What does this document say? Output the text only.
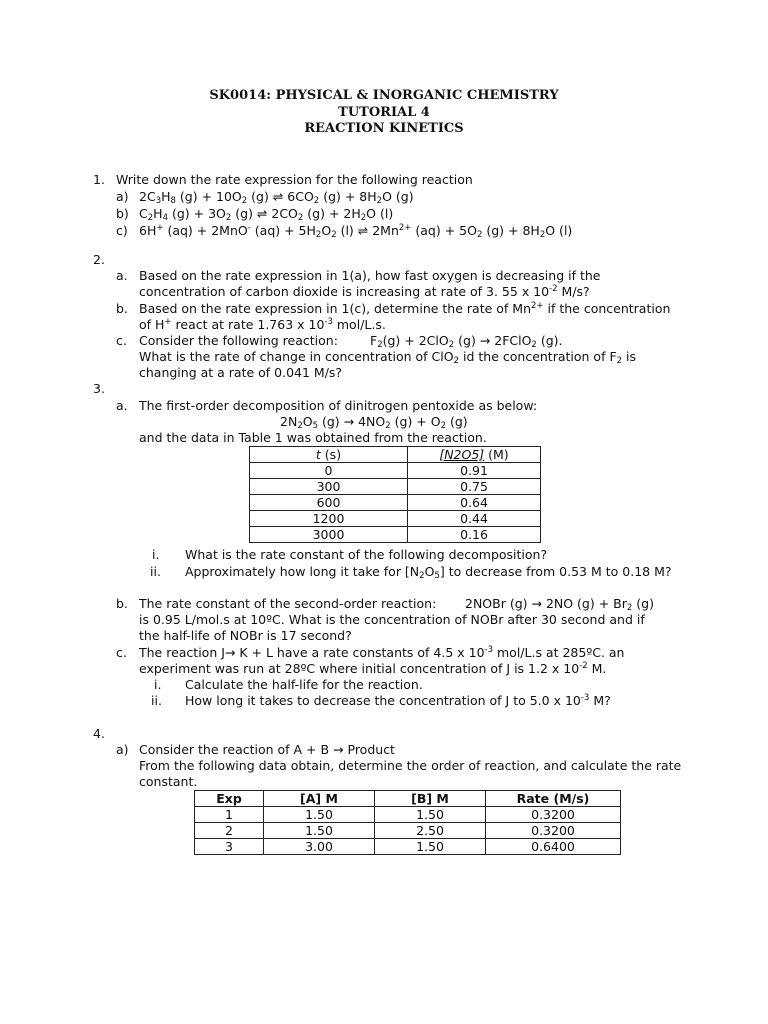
SK0014: PHYSICAL & INORGANIC CHEMISTRY
TUTORIAL 4
REACTION KINETICS
1. Write down the rate expression for the following reaction
a) $2C_3H_8$ $(g) + 10O_2$ (g) ⇌ $6CO_2$ $(g) + 8H_2O$ (g)
b) $C_2H_4$ $(g) + 3O_2$ (g) ⇌ $2CO_2$ $(g) + 2H_2O$ (l)
c) 6H+ (aq) + 2MnO- $(aq) + 5H_2O_2$ (l) ⇌ $2Mn^{2+}$ $(aq) + 5O_2$ $(g) + 8H_2O$ (l)
2.
a. Based on the rate expression in 1(a), how fast oxygen is decreasing if the
concentration of carbon dioxide is increasing at rate of 3. 55 x $10^{-2}$ M/s?
b. Based on the rate expression in 1(c), determine the rate of $Mn^{2+}$ if the concentration
of H+ react at rate 1.763 x $10^{-3}$ mol/L.s.
c. Consider the following reaction:	$F_2(g) + 2ClO_2$ (g) → 2FClO$_2$ (g).
What is the rate of change in concentration of ClO$_2$ id the concentration of $F_2$ is
changing at a rate of 0.041 M/s?
3.
a. The first-order decomposition of dinitrogen pentoxide as below:
$2N_2O_5$ $(g) \to 4NO_2$ $(g) + O_2$ (g)
and the data in Table 1 was obtained from the reaction.
t (s)	[N2O5] (M)
0	0.91
300	0.75
600	0.64
1200	0.44
3000	0.16
i. What is the rate constant of the following decomposition?
ii. Approximately how long it take for $[N_2O_5]$ to decrease from 0.53 M to 0.18 M?
b. The rate constant of the second-order reaction: 2NOBr (g) → 2NO $(g) + Br_2$ (g)
is 0.95 L/mol.s at 10ºC. What is the concentration of NOBr after 30 second and if
the half-life of NOBr is 17 second?
c. The reaction J→ K + L have a rate constants of 4.5 x $10^{-3}$ mol/L.s at 285ºC. an
experiment was run at 28ºC where initial concentration of J is 1.2 x $10^{-2}$ M.
i. Calculate the half-life for the reaction.
ii. How long it takes to decrease the concentration of J to 5.0 x $10^{-3}$ M?
4.
a) Consider the reaction of A + B → Product
From the following data obtain, determine the order of reaction, and calculate the rate
constant.
Exp	[A] M	[B] M	Rate (M/s)
1	1.50	1.50	0.3200
2	1.50	2.50	0.3200
3	3.00	1.50	0.6400
